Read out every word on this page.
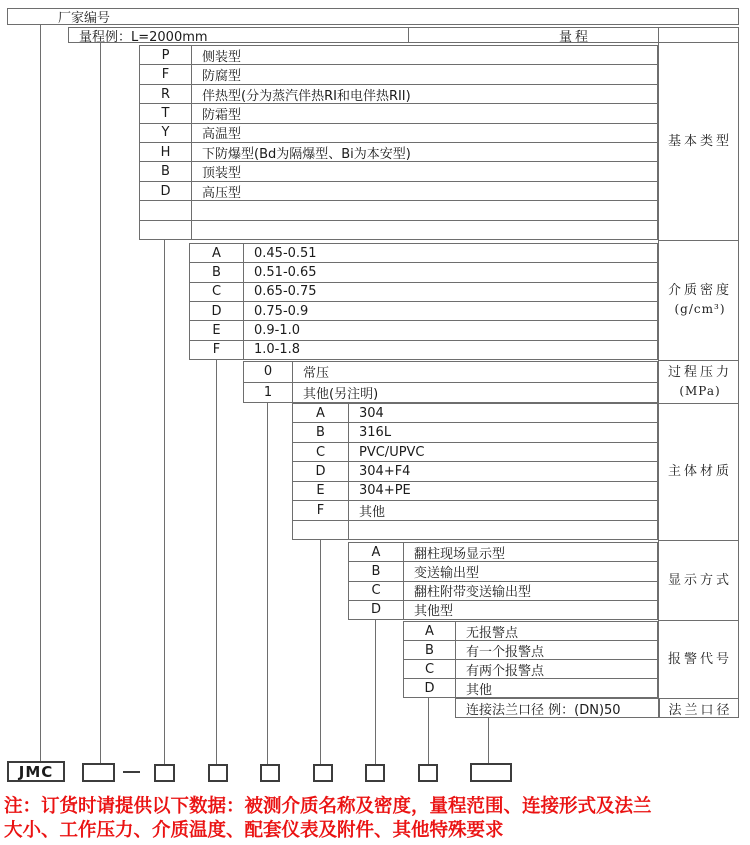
厂家编号
量程例：L=2000mm	量程
P	侧装型
F	防腐型
R	伴热型(分为蒸汽伴热RI和电伴热RII)
T	防霜型
Y	高温型
H	下防爆型(Bd为隔爆型、Bi为本安型)
B	顶装型
D	高压型
A	0.45-0.51
B	0.51-0.65
C	0.65-0.75
D	0.75-0.9
E	0.9-1.0
F	1.0-1.8
0	常压
1	其他(另注明)
A	304
B	316L
C	PVC/UPVC
D	304+F4
E	304+PE
F	其他
A	翻柱现场显示型
B	变送输出型
C	翻柱附带变送输出型
D	其他型
A	无报警点
B	有一个报警点
C	有两个报警点
D	其他
连接法兰口径 例：(DN)50	法兰口径
基本类型
介质密度
(g/cm³)
过程压力
(MPa)
主体材质
显示方式
报警代号
JMC
注：订货时请提供以下数据：被测介质名称及密度，量程范围、连接形式及法兰
大小、工作压力、介质温度、配套仪表及附件、其他特殊要求
